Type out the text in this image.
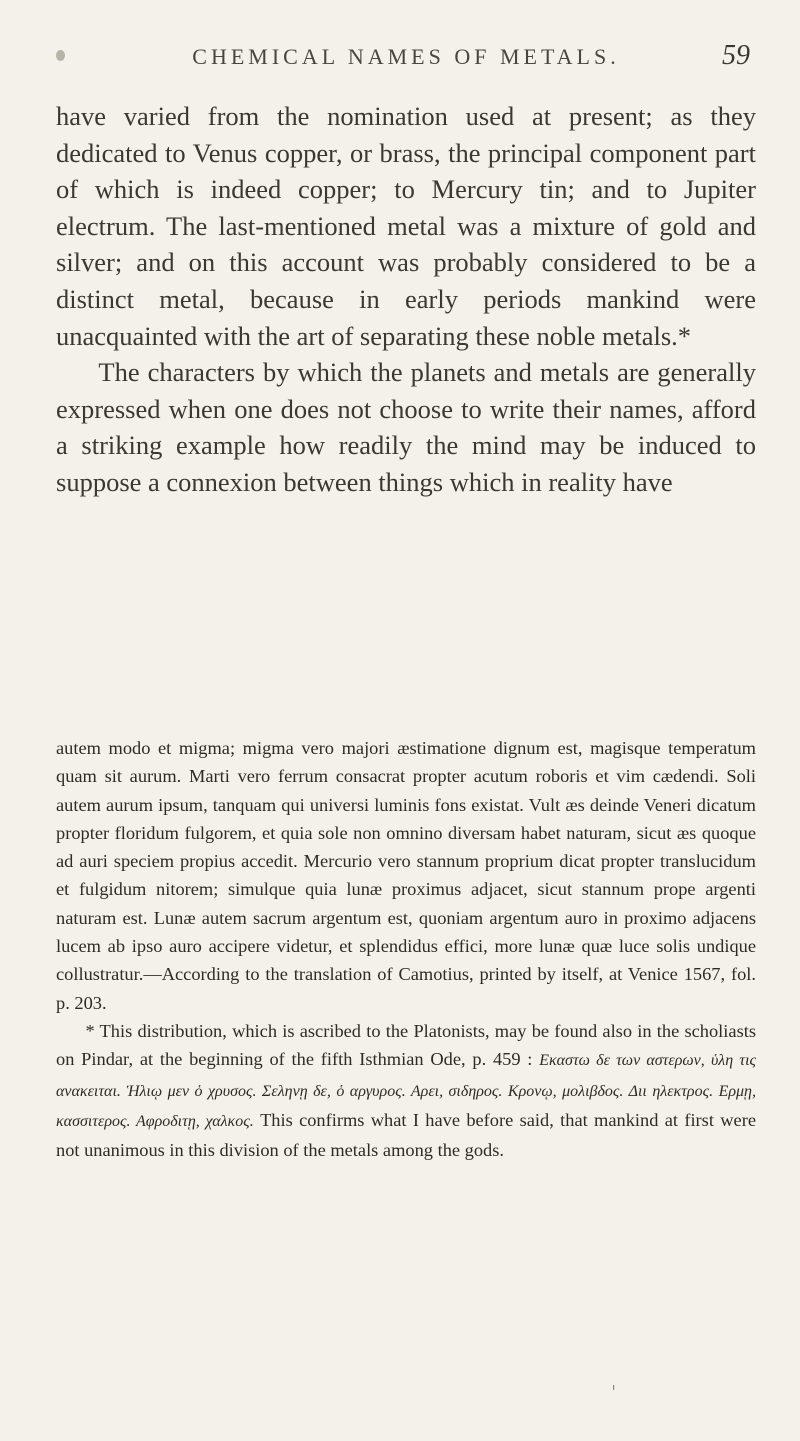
CHEMICAL NAMES OF METALS.	59

have varied from the nomination used at present; as they dedicated to Venus copper, or brass, the principal component part of which is indeed copper; to Mercury tin; and to Jupiter electrum. The last-mentioned metal was a mixture of gold and silver; and on this account was probably considered to be a distinct metal, because in early periods mankind were unacquainted with the art of separating these noble metals.*

The characters by which the planets and metals are generally expressed when one does not choose to write their names, afford a striking example how readily the mind may be induced to suppose a connexion between things which in reality have

autem modo et migma; migma vero majori æstimatione dignum est, magisque temperatum quam sit aurum. Marti vero ferrum consacrat propter acutum roboris et vim cædendi. Soli autem aurum ipsum, tanquam qui universi luminis fons existat. Vult æs deinde Veneri dicatum propter floridum fulgorem, et quia sole non omnino diversam habet naturam, sicut æs quoque ad auri speciem propius accedit. Mercurio vero stannum proprium dicat propter translucidum et fulgidum nitorem; simulque quia lunæ proximus adjacet, sicut stannum prope argenti naturam est. Lunæ autem sacrum argentum est, quoniam argentum auro in proximo adjacens lucem ab ipso auro accipere videtur, et splendidus effici, more lunæ quæ luce solis undique collustratur.—According to the translation of Camotius, printed by itself, at Venice 1567, fol. p. 203.

* This distribution, which is ascribed to the Platonists, may be found also in the scholiasts on Pindar, at the beginning of the fifth Isthmian Ode, p. 459 : Εκαστω δε των αστερων, ὑλη τις ανακειται. Ἡλιῳ μεν ὁ χρυσος. Σεληνῃ δε, ὁ αργυρος. Αρει, σιδηρος. Κρονῳ, μολιβδος. Διι ηλεκτρος. Ερμῃ, κασσιτερος. Αφροδιτῃ, χαλκος. This confirms what I have before said, that mankind at first were not unanimous in this division of the metals among the gods.
